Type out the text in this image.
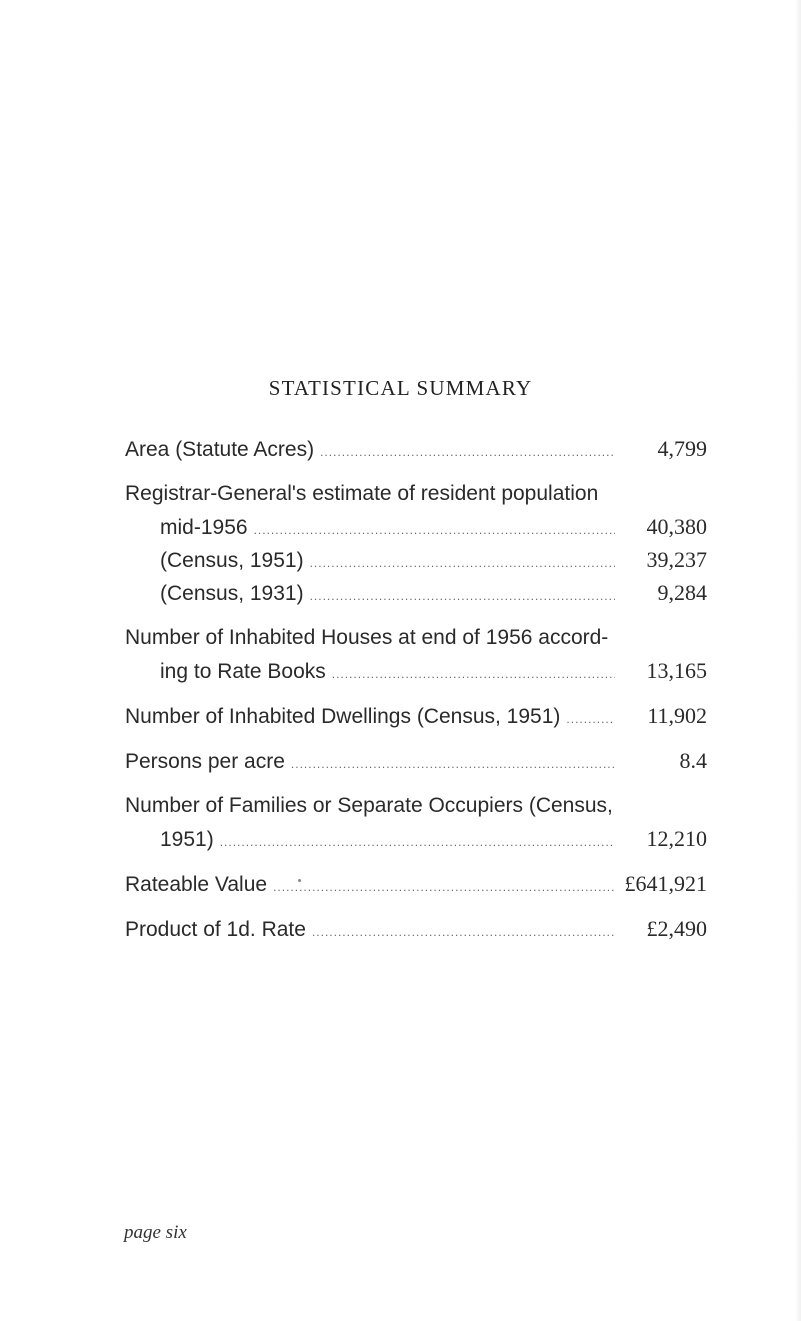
STATISTICAL SUMMARY
Area (Statute Acres) .....	4,799
Registrar-General's estimate of resident population
mid-1956 .....	40,380
(Census, 1951) .....	39,237
(Census, 1931) .....	9,284
Number of Inhabited Houses at end of 1956 accord-
ing to Rate Books .....	13,165
Number of Inhabited Dwellings (Census, 1951) .....	11,902
Persons per acre .....	8.4
Number of Families or Separate Occupiers (Census,
1951) .....	12,210
Rateable Value .....	£641,921
Product of 1d. Rate .....	£2,490
page six
